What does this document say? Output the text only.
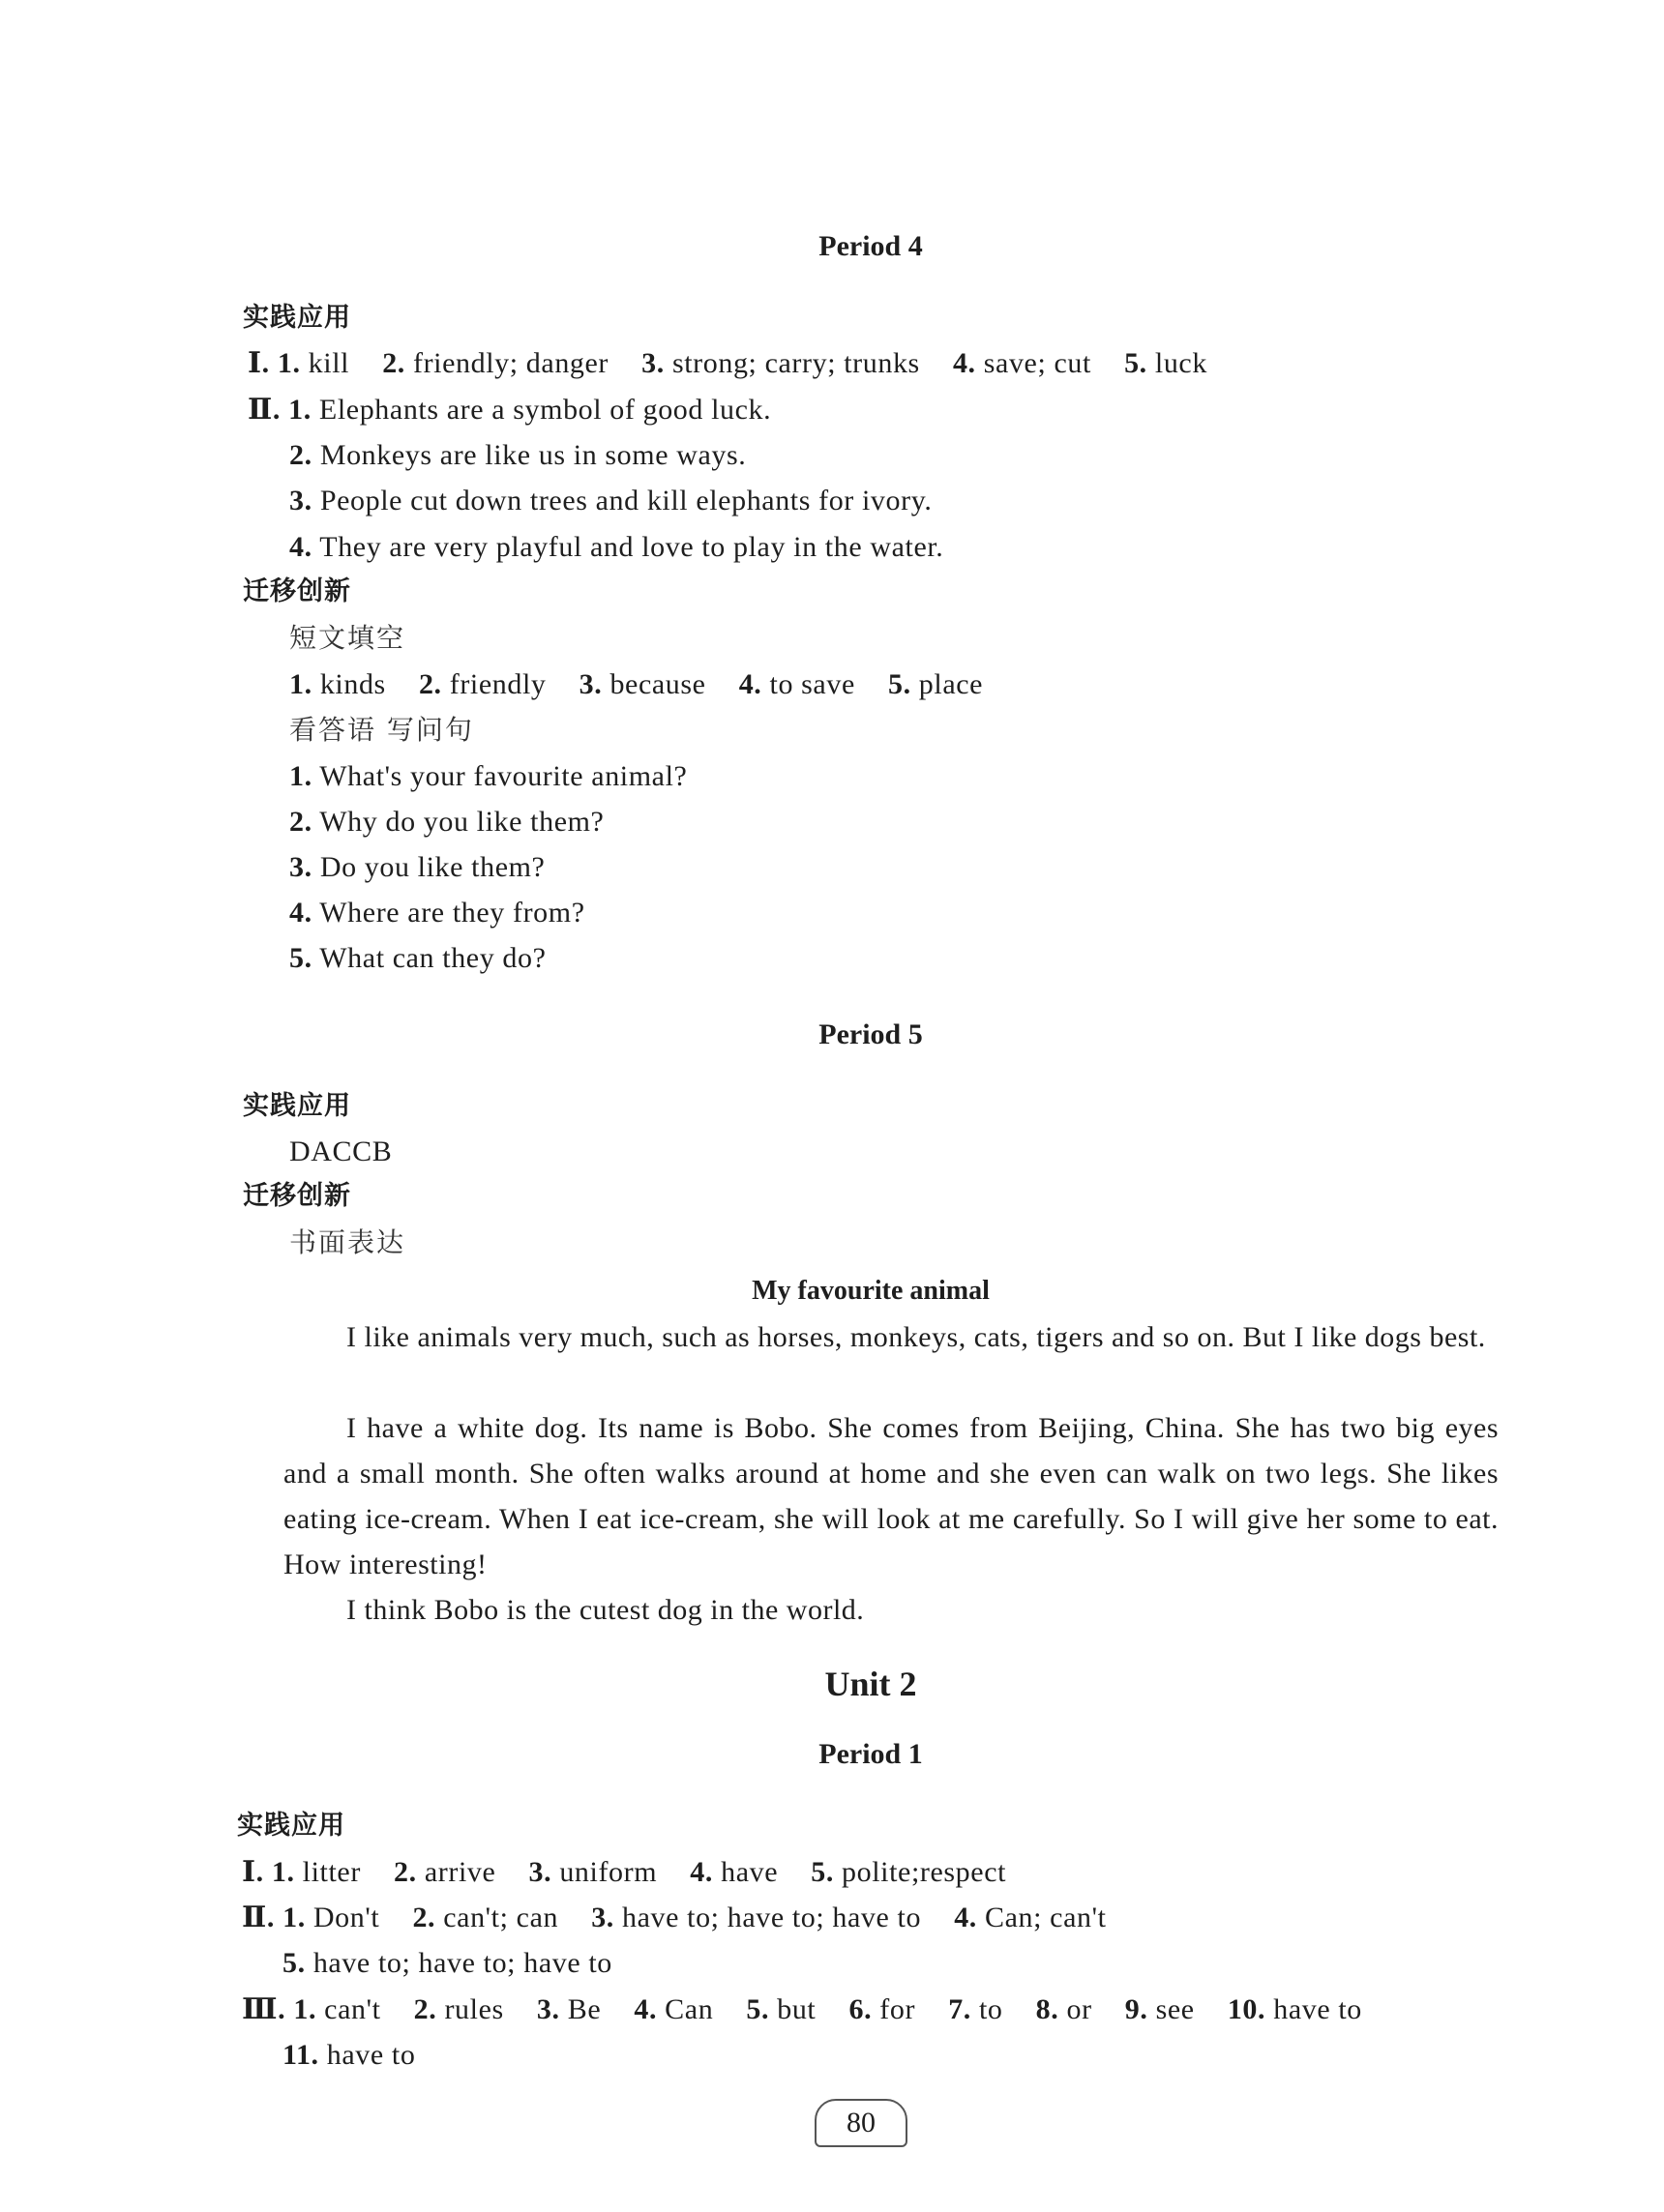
Period 4
实践应用
Ⅰ. 1. kill 2. friendly; danger 3. strong; carry; trunks 4. save; cut 5. luck
Ⅱ. 1. Elephants are a symbol of good luck.
2. Monkeys are like us in some ways.
3. People cut down trees and kill elephants for ivory.
4. They are very playful and love to play in the water.
迁移创新
短文填空
1. kinds 2. friendly 3. because 4. to save 5. place
看答语 写问句
1. What's your favourite animal?
2. Why do you like them?
3. Do you like them?
4. Where are they from?
5. What can they do?
Period 5
实践应用
DACCB
迁移创新
书面表达
My favourite animal
I like animals very much, such as horses, monkeys, cats, tigers and so on. But I like dogs best.
I have a white dog. Its name is Bobo. She comes from Beijing, China. She has two big eyes and a small month. She often walks around at home and she even can walk on two legs. She likes eating ice-cream. When I eat ice-cream, she will look at me carefully. So I will give her some to eat. How interesting!
I think Bobo is the cutest dog in the world.
Unit 2
Period 1
实践应用
Ⅰ. 1. litter 2. arrive 3. uniform 4. have 5. polite;respect
Ⅱ. 1. Don't 2. can't; can 3. have to; have to; have to 4. Can; can't
5. have to; have to; have to
Ⅲ. 1. can't 2. rules 3. Be 4. Can 5. but 6. for 7. to 8. or 9. see 10. have to
11. have to
80
